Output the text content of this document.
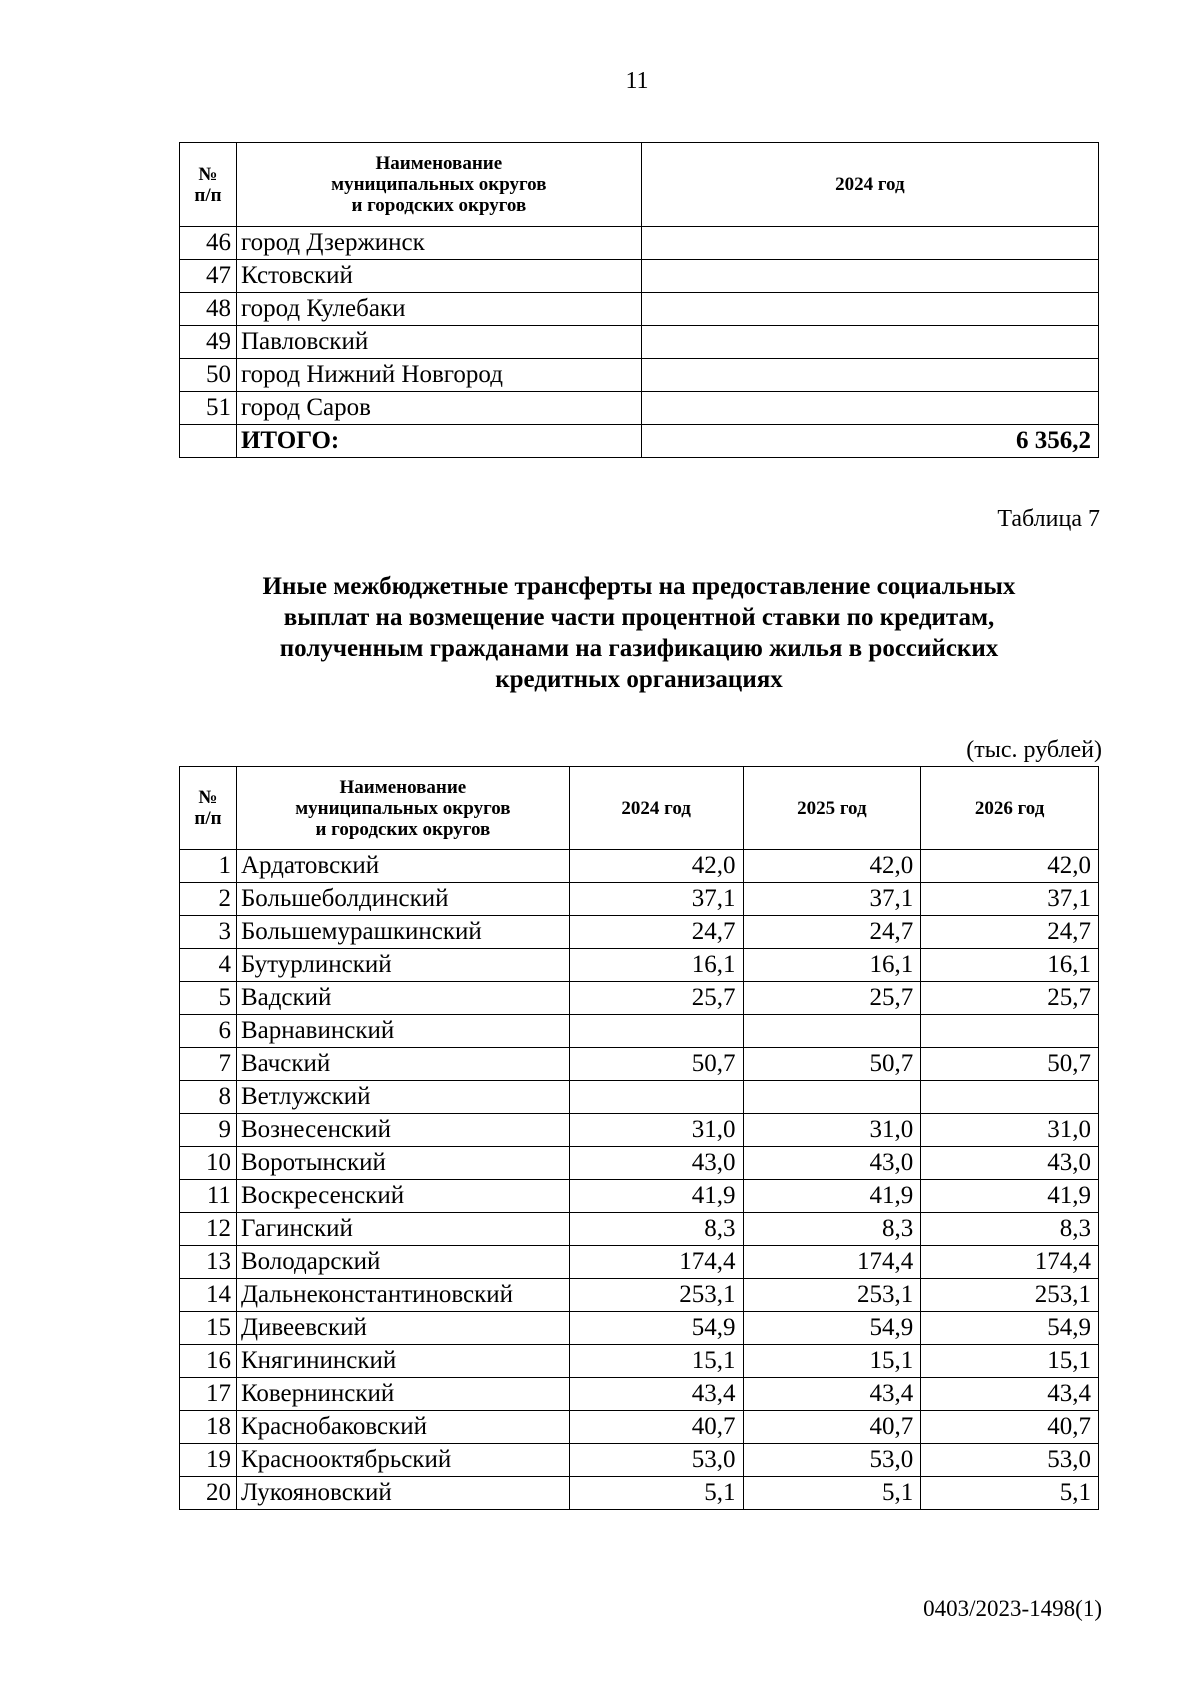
11
№
п/п	Наименование
муниципальных округов
и городских округов	2024 год
46	город Дзержинск	
47	Кстовский	
48	город Кулебаки	
49	Павловский	
50	город Нижний Новгород	
51	город Саров	
	ИТОГО:	6 356,2
Таблица 7
Иные межбюджетные трансферты на предоставление социальных
выплат на возмещение части процентной ставки по кредитам,
полученным гражданами на газификацию жилья в российских
кредитных организациях
(тыс. рублей)
№
п/п	Наименование
муниципальных округов
и городских округов	2024 год	2025 год	2026 год
1	Ардатовский	42,0	42,0	42,0
2	Большеболдинский	37,1	37,1	37,1
3	Большемурашкинский	24,7	24,7	24,7
4	Бутурлинский	16,1	16,1	16,1
5	Вадский	25,7	25,7	25,7
6	Варнавинский			
7	Вачский	50,7	50,7	50,7
8	Ветлужский			
9	Вознесенский	31,0	31,0	31,0
10	Воротынский	43,0	43,0	43,0
11	Воскресенский	41,9	41,9	41,9
12	Гагинский	8,3	8,3	8,3
13	Володарский	174,4	174,4	174,4
14	Дальнеконстантиновский	253,1	253,1	253,1
15	Дивеевский	54,9	54,9	54,9
16	Княгининский	15,1	15,1	15,1
17	Ковернинский	43,4	43,4	43,4
18	Краснобаковский	40,7	40,7	40,7
19	Краснооктябрьский	53,0	53,0	53,0
20	Лукояновский	5,1	5,1	5,1
0403/2023-1498(1)
